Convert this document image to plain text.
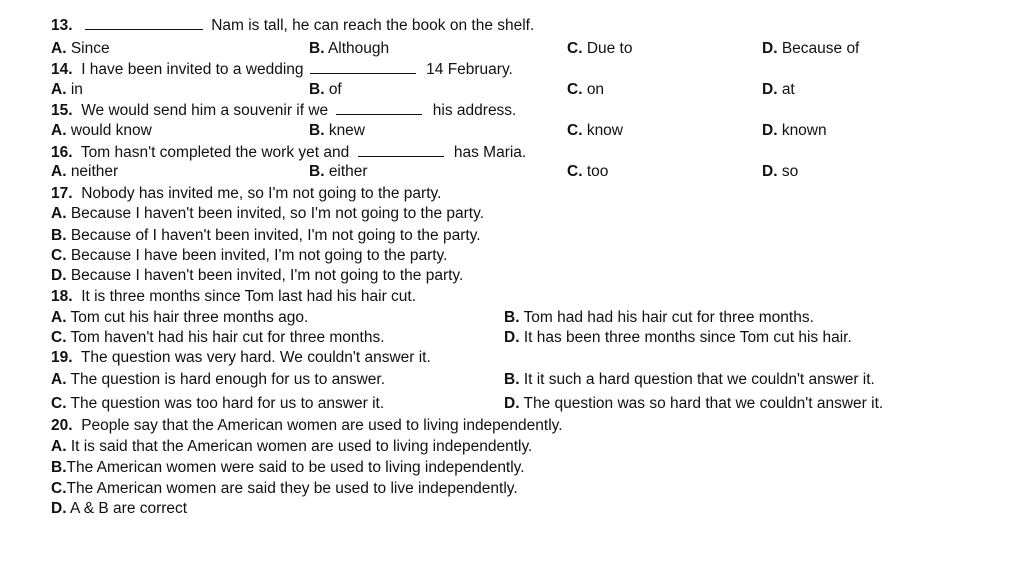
13.	Nam is tall, he can reach the book on the shelf.
A. Since	B. Although	C. Due to	D. Because of
14. I have been invited to a wedding	14 February.
A. in	B. of	C. on	D. at
15. We would send him a souvenir if we	his address.
A. would know	B. knew	C. know	D. known
16. Tom hasn't completed the work yet and	has Maria.
A. neither	B. either	C. too	D. so
17. Nobody has invited me, so I'm not going to the party.
A. Because I haven't been invited, so I'm not going to the party.
B. Because of I haven't been invited, I'm not going to the party.
C. Because I have been invited, I'm not going to the party.
D. Because I haven't been invited, I'm not going to the party.
18. It is three months since Tom last had his hair cut.
A. Tom cut his hair three months ago.	B. Tom had had his hair cut for three months.
C. Tom haven't had his hair cut for three months.	D. It has been three months since Tom cut his hair.
19. The question was very hard. We couldn't answer it.
A. The question is hard enough for us to answer.	B. It it such a hard question that we couldn't answer it.
C. The question was too hard for us to answer it.	D. The question was so hard that we couldn't answer it.
20. People say that the American women are used to living independently.
A. It is said that the American women are used to living independently.
B.The American women were said to be used to living independently.
C.The American women are said they be used to live independently.
D. A & B are correct
